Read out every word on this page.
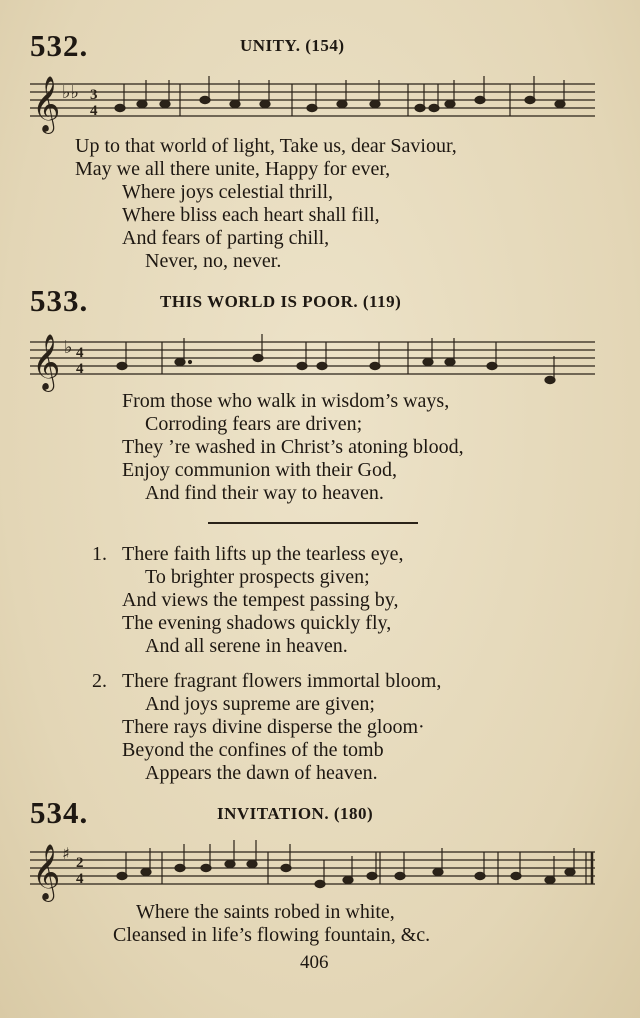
532.	UNITY. (154)
𝄞 ♭♭ 3
4
Up to that world of light, Take us, dear Saviour,
May we all there unite, Happy for ever,
Where joys celestial thrill,
Where bliss each heart shall fill,
And fears of parting chill,
Never, no, never.
533.	THIS WORLD IS POOR. (119)
𝄞 ♭ 4
4
From those who walk in wisdom’s ways,
Corroding fears are driven;
They ’re washed in Christ’s atoning blood,
Enjoy communion with their God,
And find their way to heaven.
1. There faith lifts up the tearless eye,
To brighter prospects given;
And views the tempest passing by,
The evening shadows quickly fly,
And all serene in heaven.
2. There fragrant flowers immortal bloom,
And joys supreme are given;
There rays divine disperse the gloom·
Beyond the confines of the tomb
Appears the dawn of heaven.
534.	INVITATION. (180)
𝄞 ♯ 2
4
Where the saints robed in white,
Cleansed in life’s flowing fountain, &c.
406
